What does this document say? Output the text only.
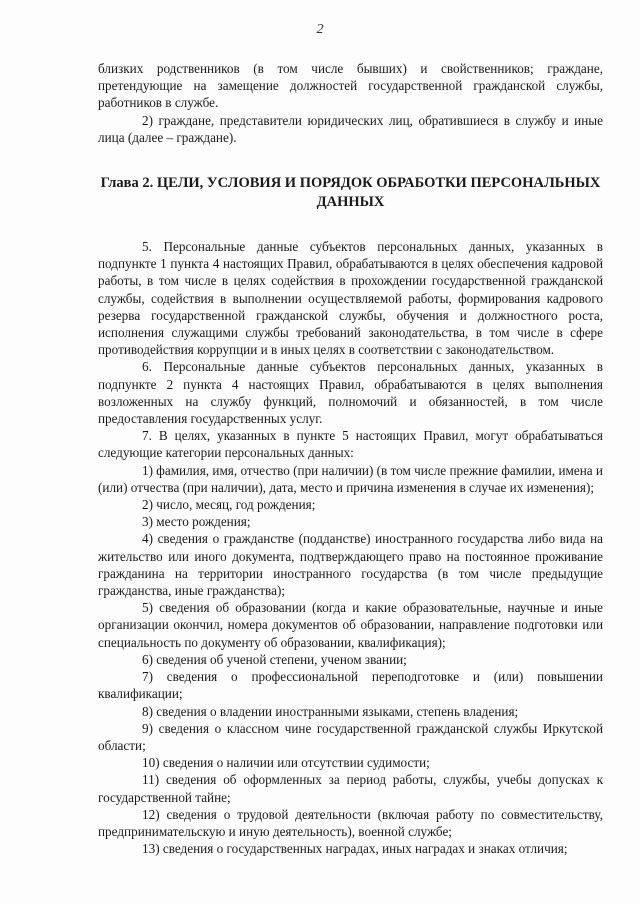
2

близких родственников (в том числе бывших) и свойственников; граждане, претендующие на замещение должностей государственной гражданской службы, работников в службе.

2) граждане, представители юридических лиц, обратившиеся в службу и иные лица (далее – граждане).

Глава 2. ЦЕЛИ, УСЛОВИЯ И ПОРЯДОК ОБРАБОТКИ ПЕРСОНАЛЬНЫХ ДАННЫХ

5. Персональные данные субъектов персональных данных, указанных в подпункте 1 пункта 4 настоящих Правил, обрабатываются в целях обеспечения кадровой работы, в том числе в целях содействия в прохождении государственной гражданской службы, содействия в выполнении осуществляемой работы, формирования кадрового резерва государственной гражданской службы, обучения и должностного роста, исполнения служащими службы требований законодательства, в том числе в сфере противодействия коррупции и в иных целях в соответствии с законодательством.

6. Персональные данные субъектов персональных данных, указанных в подпункте 2 пункта 4 настоящих Правил, обрабатываются в целях выполнения возложенных на службу функций, полномочий и обязанностей, в том числе предоставления государственных услуг.

7. В целях, указанных в пункте 5 настоящих Правил, могут обрабатываться следующие категории персональных данных:

1) фамилия, имя, отчество (при наличии) (в том числе прежние фамилии, имена и (или) отчества (при наличии), дата, место и причина изменения в случае их изменения);

2) число, месяц, год рождения;

3) место рождения;

4) сведения о гражданстве (подданстве) иностранного государства либо вида на жительство или иного документа, подтверждающего право на постоянное проживание гражданина на территории иностранного государства (в том числе предыдущие гражданства, иные гражданства);

5) сведения об образовании (когда и какие образовательные, научные и иные организации окончил, номера документов об образовании, направление подготовки или специальность по документу об образовании, квалификация);

6) сведения об ученой степени, ученом звании;

7) сведения о профессиональной переподготовке и (или) повышении квалификации;

8) сведения о владении иностранными языками, степень владения;

9) сведения о классном чине государственной гражданской службы Иркутской области;

10) сведения о наличии или отсутствии судимости;

11) сведения об оформленных за период работы, службы, учебы допусках к государственной тайне;

12) сведения о трудовой деятельности (включая работу по совместительству, предпринимательскую и иную деятельность), военной службе;

13) сведения о государственных наградах, иных наградах и знаках отличия;
